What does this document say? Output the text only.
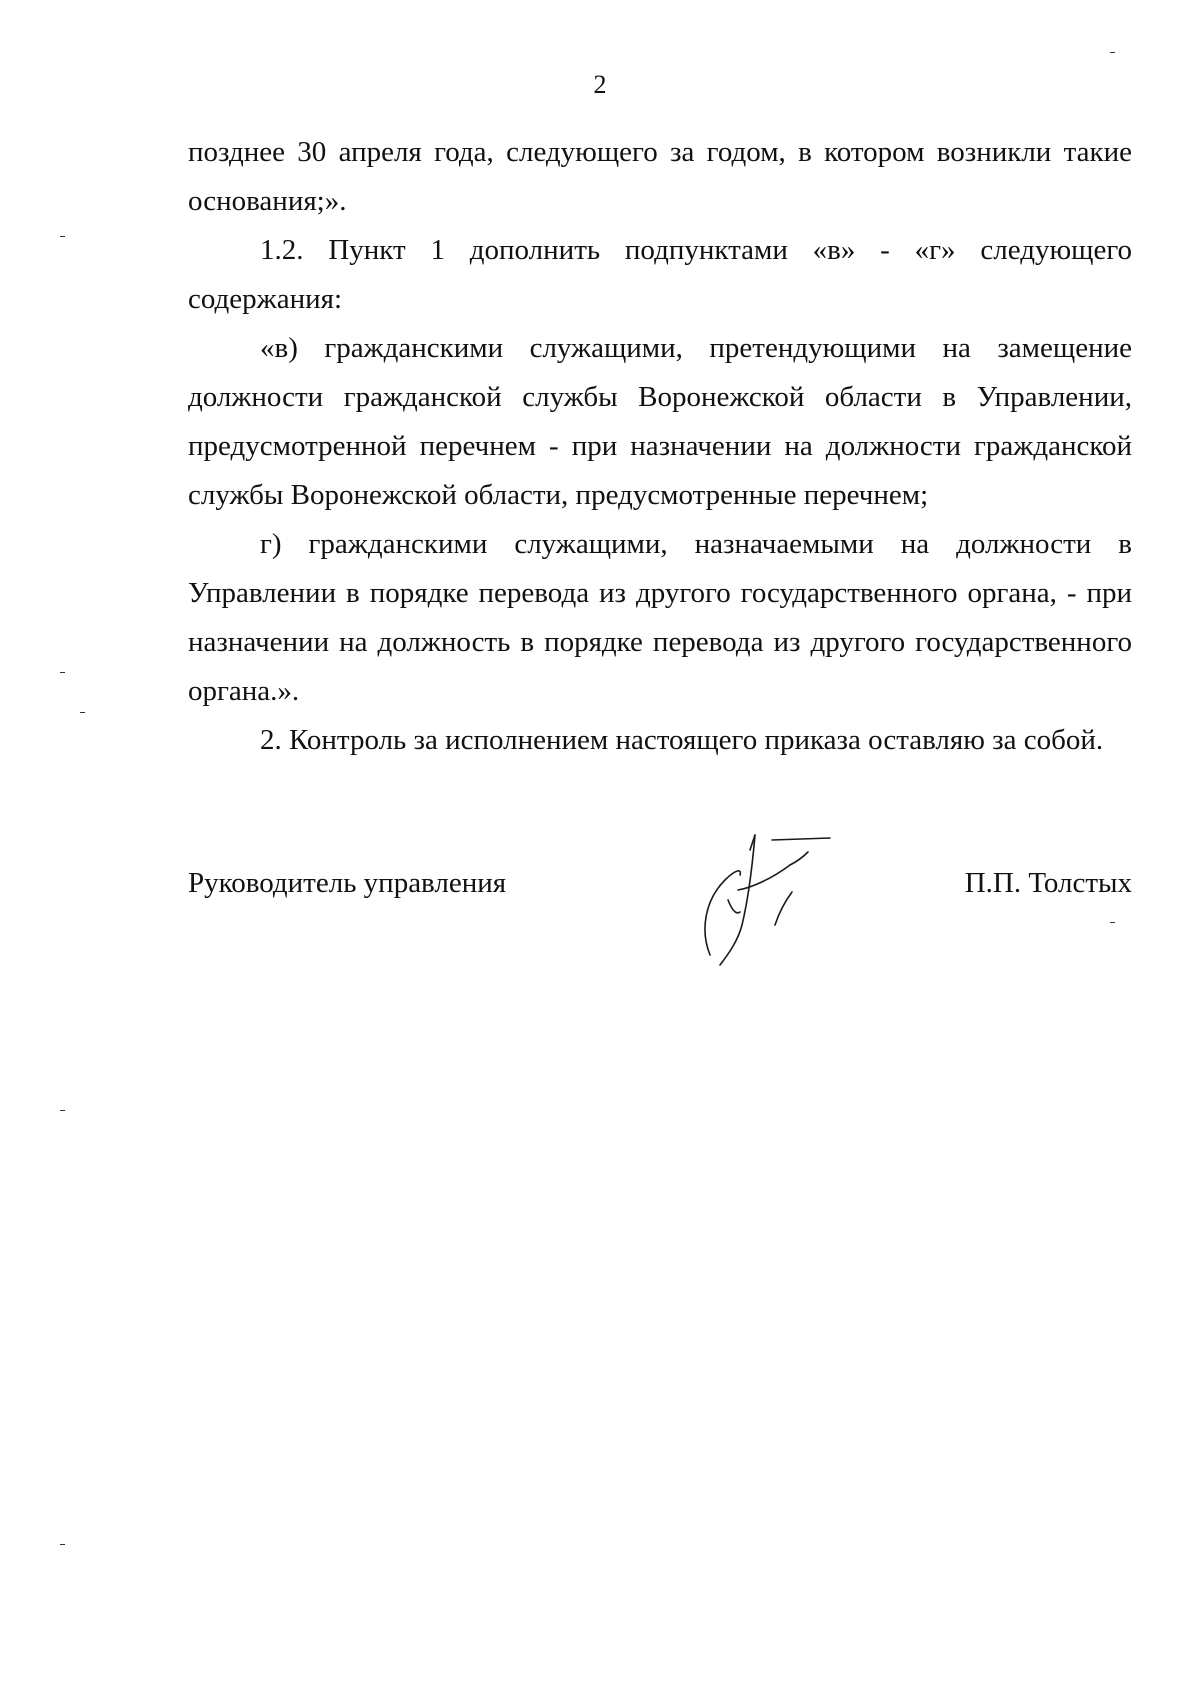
2

позднее 30 апреля года, следующего за годом, в котором возникли такие основания;».

1.2. Пункт 1 дополнить подпунктами «в» - «г» следующего содержания:

«в) гражданскими служащими, претендующими на замещение должности гражданской службы Воронежской области в Управлении, предусмотренной перечнем - при назначении на должности гражданской службы Воронежской области, предусмотренные перечнем;

г) гражданскими служащими, назначаемыми на должности в Управлении в порядке перевода из другого государственного органа, - при назначении на должность в порядке перевода из другого государственного органа.».

2. Контроль за исполнением настоящего приказа оставляю за собой.

Руководитель управления	П.П. Толстых
